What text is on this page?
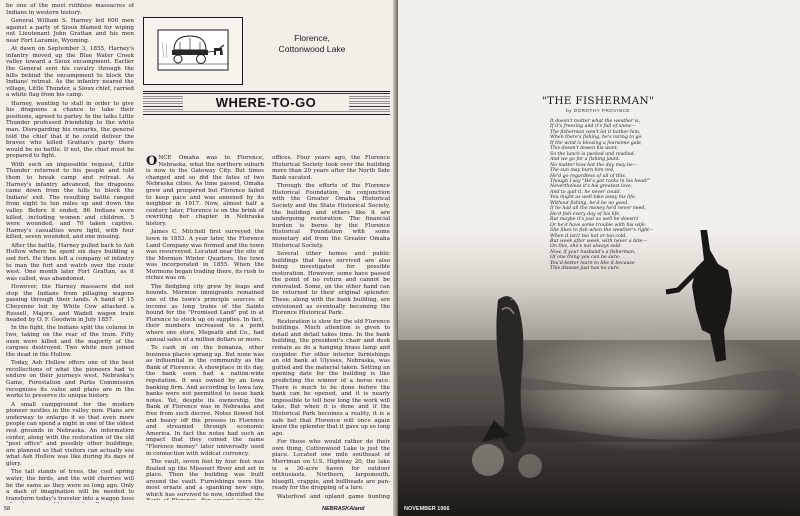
be one of the most ruthless massacres of Indians in western history.

General William S. Harney led 600 men against a party of Sioux blamed for wiping out Lieutenant John Grattan and his men near Fort Laramie, Wyoming.

At dawn on September 3, 1855, Harney's infantry moved up the Blue Water Creek valley toward a Sioux encampment. Earlier the General sent his cavalry through the hills behind the encampment to block the Indians' retreat. As the infantry neared the village, Little Thunder, a Sioux chief, carried a white flag from his camp.

Harney, wanting to stall in order to give his dragoons a chance to take their positions, agreed to parley. In the talks Little Thunder professed friendship to the white man. Disregarding his remarks, the general told the chief that if he could deliver the braves who killed Grattan's party there would be no battle. If not, the chief must be prepared to fight.

With such an impossible request, Little Thunder returned to his people and told them to break camp and retreat. As Harney's infantry advanced, the dragoons came down from the hills to block the Indians' exit. The resulting battle ranged from eight to ten miles up and down the valley. Before it ended, 86 Indians were killed, including women and children, 5 were wounded, and 70 taken captive. Harney's casualties were light, with four killed, seven wounded, and one missing.

After the battle, Harney pulled back to Ash Hollow where he spent six days building a sod fort. He then left a company of infantry to man the fort and watch over the route west. One month later Fort Grattan, as it was called, was abandoned.

However, the Harney massacre did not stop the Indians from pillaging wagons passing through their lands. A band of 15 Cheyenne led by White Cow attacked a Russell, Majors, and Wadell wagon train headed by O. F. Goodwin in July 1857.

In the fight, the Indians split the column in two, taking on the rear of the train. Fifty oxen were killed and the majority of the cargoes destroyed. Two white men joined the dead in the Hollow.

Today, Ash Hollow offers one of the best recollections of what the pioneers had to endure on their journeys west. Nebraska's Game, Forestation and Parks Commission recognizes its value and plans are in the works to preserve its unique history.

A small campground for the modern pioneer nestles in the valley now. Plans are underway to enlarge it so that even more people can spend a night in one of the oldest rest grounds in Nebraska. An information center, along with the restoration of the old "post office" and possibly other buildings, are planned so that visitors can actually see what Ash Hollow was like during its days of glory.

The tall stands of trees, the cool spring water, the birds, and the wild cherries will be the same as they were so long ago. Only a dash of imagination will be needed to transform today's traveler into a wagon boss

Florence,
Cottonwood Lake
WHERE-TO-GO

ONCE Omaha was to Florence, Nebraska, what the northern suburb is now to the Gateway City. But times changed and so did the fates of two Nebraska cities. As time passed, Omaha grew and prospered but Florence failed to keep pace and was annexed by its neighbor in 1917. Now, almost half a century later, Florence is on the brink of rewriting her chapter in Nebraska history.

James C. Mitchell first surveyed the town in 1853. A year later, the Florence Land Company was formed and the town was resurveyed. Located near the site of the Mormon Winter Quarters, the town was incorporated in 1855. When the Mormons began trading there, its rush to riches was on.

The fledgling city grew by leaps and bounds. Mormon immigrants remained one of the town's principle sources of income as long trains of the Saints bound for the "Promised Land" put in at Florence to stock up on supplies. In fact, their numbers increased to a point where one store, Megeath and Co., had annual sales of a million dollars or more.

To cash in on the bonanza, other business places sprang up. But none was as influential in the community as the Bank of Florence. A showplace in its day, the bank soon had a nation-wide reputation. It was owned by an Iowa banking firm. And according to Iowa law, banks were not permitted to issue bank notes. Yet, despite its ownership, the Bank of Florence was in Nebraska and free from such decree. Notes flowed hot and heavy off the presses in Florence and streamed through economic America. In fact the notes had such an impact that they coined the name "Florence money" later universally used in connection with wildcat currency.

The vault, seven feet by four feet was floated up the Missouri River and set in place. Then the building was built around the vault. Furnishings were the most ornate and a spanking new sign, which has survived to now, identified the

offices. Four years ago, the Florence Historical Society took over the building more than 20 years after the North Side Bank vacated.

Through the efforts of the Florence Historical Foundation, in conjunction with the Greater Omaha Historical Society and the State Historical Society, the building and others like it are undergoing restoration. The financial burden is borne by the Florence Historical Foundation with some monetary aid from the Greater Omaha Historical Society.

Several other homes and public buildings that have survived are also being investigated for possible restoration. However, some have passed the point of no return and cannot be renovated. Some, on the other hand can be returned to their original splendor. These, along with the bank building, are envisioned as eventually becoming the Florence Historical Park.

Restoration is slow for the old Florence buildings. Much attention is given to detail and detail takes time. In the bank building, the president's chair and desk remain as do a hanging brass lamp and cuspidor. For other interior furnishings an old bank at Ulysses, Nebraska, was gutted and the material taken. Setting an opening date for the building is like predicting the winner of a horse race. There is much to be done before the bank can be opened, and it is nearly impossible to tell how long the work will take. But when it is done and if the Historical Park becomes a reality, it is a safe bet that Florence will once again know the splendor that it gave up so long ago.

For those who would rather do their own thing, Cottonwood Lake is just the place. Located one mile southeast of Merriman on U.S. Highway 20, the lake is a 36-acre haven for outdoor enthusiasts. Northern, largemouth, bluegill, crappie, and bullheads are pan-ready for the dropping of a lure.

Waterfowl and upland game hunting

58	NEBRASKAland
"THE FISHERMAN"
by DOROTHY PROVINCE
It doesn't matter what the weather is,
If it's freezing and it's full of snow—
The fisherman won't let it bother him,
When there's fishing, he's raring to go.
If the wind is blowing a fearsome gale,
This doesn't lessen his want.
So the lunch is packed and readied,
And we go for a fishing jaunt.
No matter how hot the day may be—
The sun may burn him red,
He'd go regardless of all of this,
Though I say "He's got rocks in his head!"
Nevertheless it's his greatest love,
And to quit it, he never could.
You might as well take away his life,
Without fishing, he'd be no good.
If he had all the money he'd never need,
He'd fish every day of his life,
But maybe it's just as well he doesn't
Or he'd have some trouble with his wife.
She likes to fish when the weather's right—
When it isn't too hot or too cold,
But week after week, with never a bite—
On this, she's not always sold.
Now, if your husband's a fisherman,
Of one thing you can be sure:
You'd better learn to like it because
This disease just has no cure.
NOVEMBER 1966	59
